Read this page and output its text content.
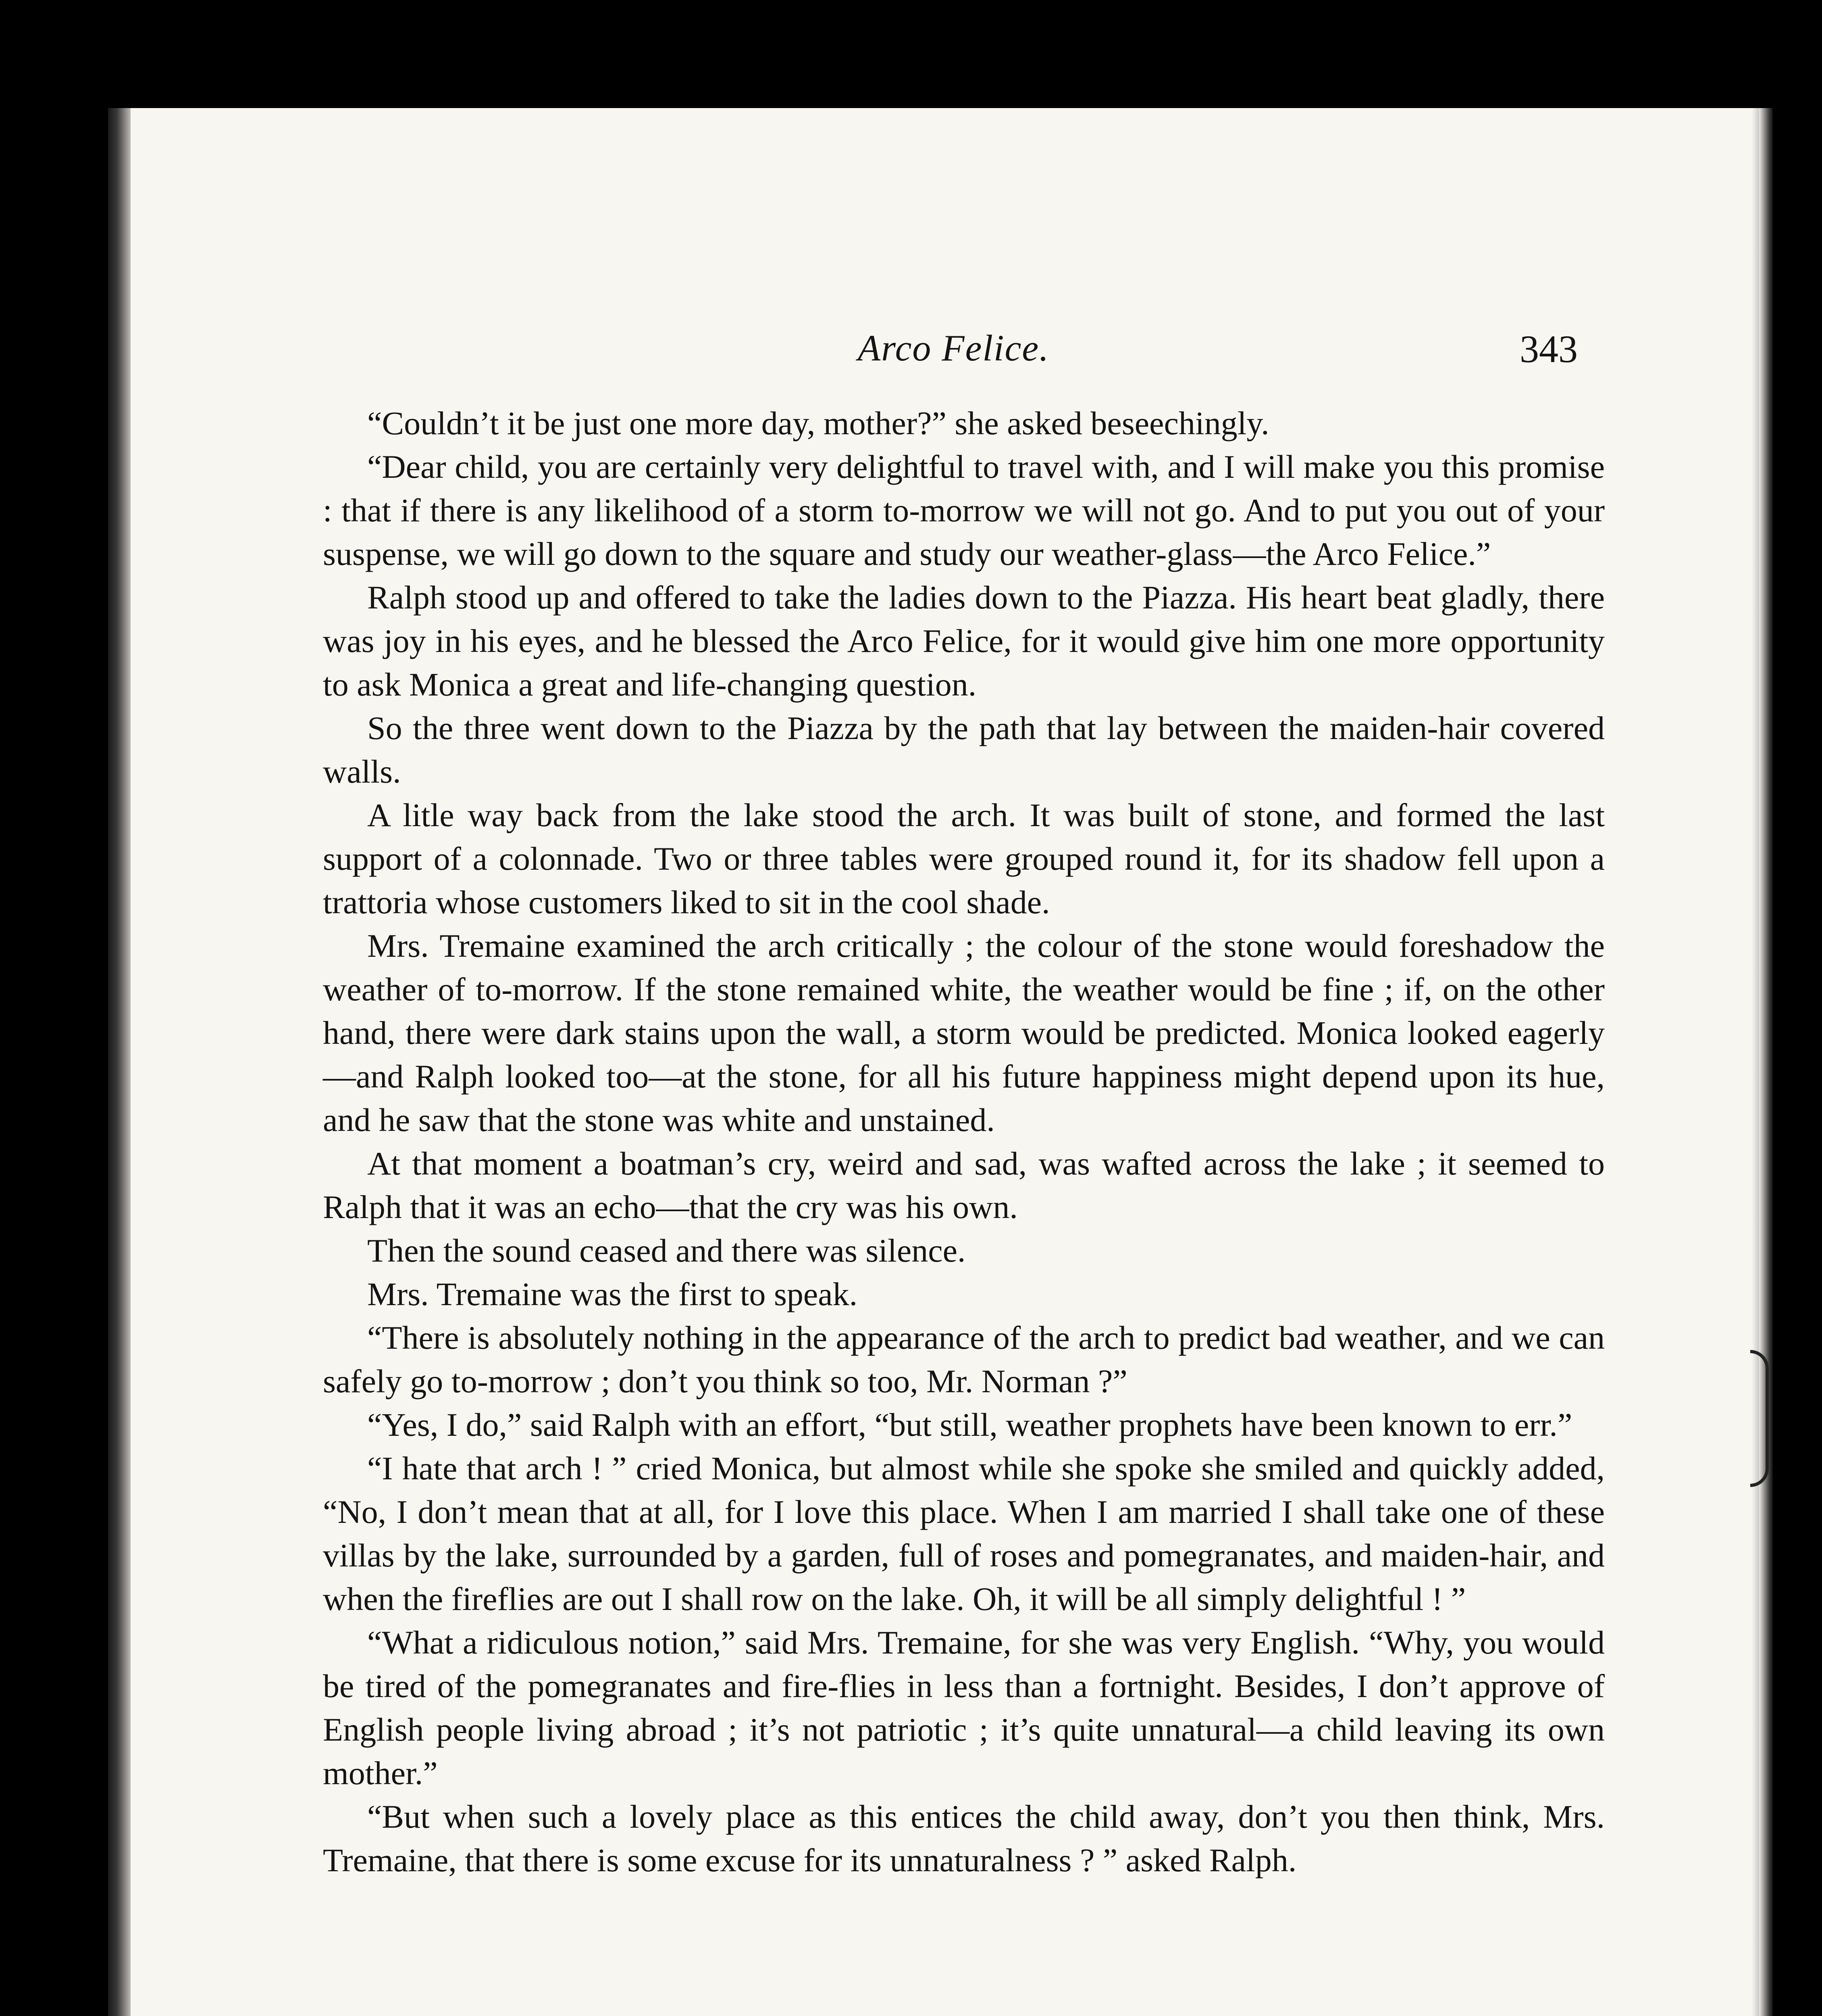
Arco Felice.	343

“Couldn’t it be just one more day, mother?” she asked beseechingly.

“Dear child, you are certainly very delightful to travel with, and I will make you this promise : that if there is any likelihood of a storm to-morrow we will not go. And to put you out of your suspense, we will go down to the square and study our weather-glass—the Arco Felice.”

Ralph stood up and offered to take the ladies down to the Piazza. His heart beat gladly, there was joy in his eyes, and he blessed the Arco Felice, for it would give him one more opportunity to ask Monica a great and life-changing question.

So the three went down to the Piazza by the path that lay between the maiden-hair covered walls.

A litle way back from the lake stood the arch. It was built of stone, and formed the last support of a colonnade. Two or three tables were grouped round it, for its shadow fell upon a trattoria whose customers liked to sit in the cool shade.

Mrs. Tremaine examined the arch critically ; the colour of the stone would foreshadow the weather of to-morrow. If the stone remained white, the weather would be fine ; if, on the other hand, there were dark stains upon the wall, a storm would be predicted. Monica looked eagerly—and Ralph looked too—at the stone, for all his future happiness might depend upon its hue, and he saw that the stone was white and unstained.

At that moment a boatman’s cry, weird and sad, was wafted across the lake ; it seemed to Ralph that it was an echo—that the cry was his own.

Then the sound ceased and there was silence.

Mrs. Tremaine was the first to speak.

“There is absolutely nothing in the appearance of the arch to predict bad weather, and we can safely go to-morrow ; don’t you think so too, Mr. Norman ?”

“Yes, I do,” said Ralph with an effort, “but still, weather prophets have been known to err.”

“I hate that arch ! ” cried Monica, but almost while she spoke she smiled and quickly added, “No, I don’t mean that at all, for I love this place. When I am married I shall take one of these villas by the lake, surrounded by a garden, full of roses and pomegranates, and maiden-hair, and when the fireflies are out I shall row on the lake. Oh, it will be all simply delightful ! ”

“What a ridiculous notion,” said Mrs. Tremaine, for she was very English. “Why, you would be tired of the pomegranates and fire-flies in less than a fortnight. Besides, I don’t approve of English people living abroad ; it’s not patriotic ; it’s quite unnatural—a child leaving its own mother.”

“But when such a lovely place as this entices the child away, don’t you then think, Mrs. Tremaine, that there is some excuse for its unnaturalness ? ” asked Ralph.
